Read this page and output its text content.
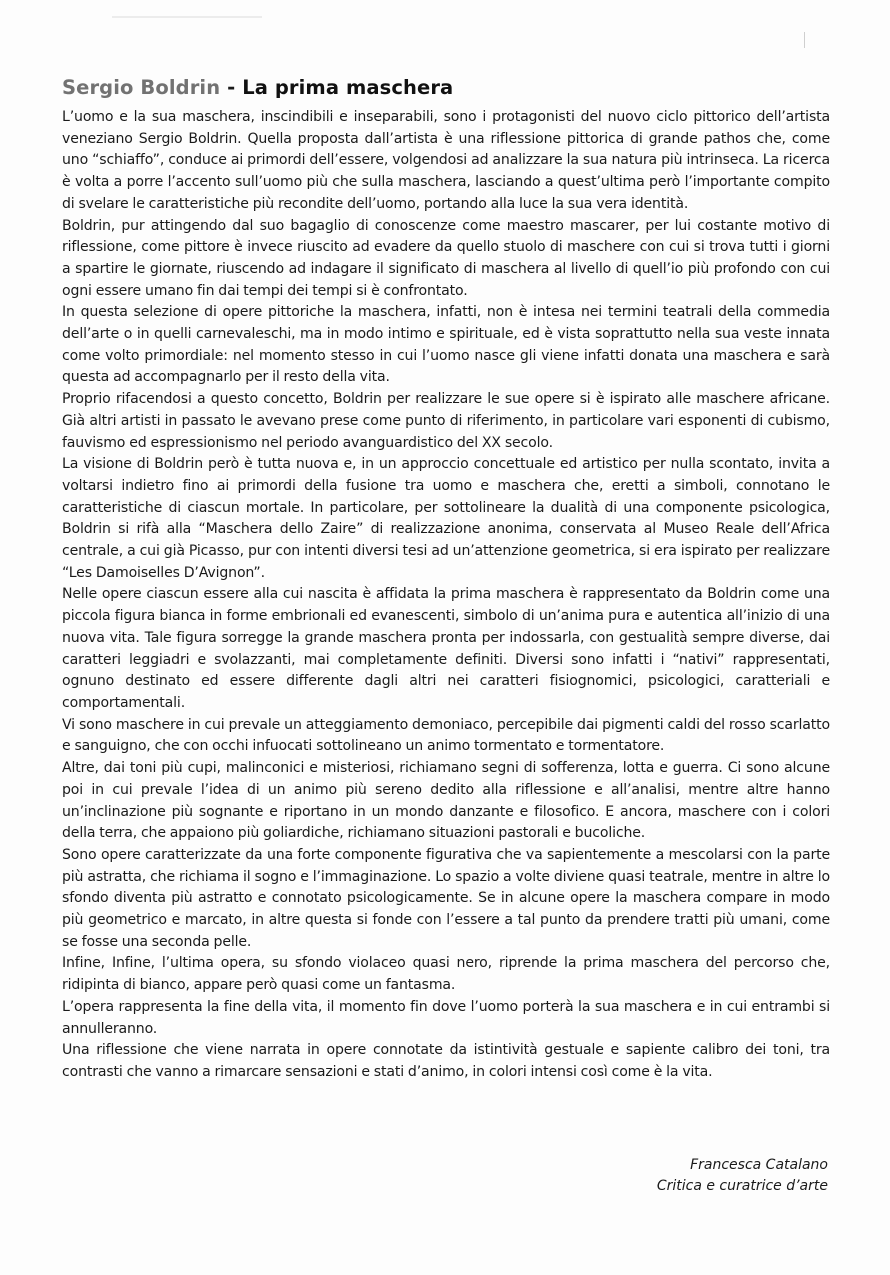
Sergio Boldrin - La prima maschera

L’uomo e la sua maschera, inscindibili e inseparabili, sono i protagonisti del nuovo ciclo pittorico dell’artista veneziano Sergio Boldrin. Quella proposta dall’artista è una riflessione pittorica di grande pathos che, come uno “schiaffo”, conduce ai primordi dell’essere, volgendosi ad analizzare la sua natura più intrinseca. La ricerca è volta a porre l’accento sull’uomo più che sulla maschera, lasciando a quest’ultima però l’importante compito di svelare le caratteristiche più recondite dell’uomo, portando alla luce la sua vera identità.

Boldrin, pur attingendo dal suo bagaglio di conoscenze come maestro mascarer, per lui costante motivo di riflessione, come pittore è invece riuscito ad evadere da quello stuolo di maschere con cui si trova tutti i giorni a spartire le giornate, riuscendo ad indagare il significato di maschera al livello di quell’io più profondo con cui ogni essere umano fin dai tempi dei tempi si è confrontato.

In questa selezione di opere pittoriche la maschera, infatti, non è intesa nei termini teatrali della commedia dell’arte o in quelli carnevaleschi, ma in modo intimo e spirituale, ed è vista soprattutto nella sua veste innata come volto primordiale: nel momento stesso in cui l’uomo nasce gli viene infatti donata una maschera e sarà questa ad accompagnarlo per il resto della vita.

Proprio rifacendosi a questo concetto, Boldrin per realizzare le sue opere si è ispirato alle maschere africane. Già altri artisti in passato le avevano prese come punto di riferimento, in particolare vari esponenti di cubismo, fauvismo ed espressionismo nel periodo avanguardistico del XX secolo.

La visione di Boldrin però è tutta nuova e, in un approccio concettuale ed artistico per nulla scontato, invita a voltarsi indietro fino ai primordi della fusione tra uomo e maschera che, eretti a simboli, connotano le caratteristiche di ciascun mortale. In particolare, per sottolineare la dualità di una componente psicologica, Boldrin si rifà alla “Maschera dello Zaire” di realizzazione anonima, conservata al Museo Reale dell’Africa centrale, a cui già Picasso, pur con intenti diversi tesi ad un’attenzione geometrica, si era ispirato per realizzare “Les Damoiselles D’Avignon”.

Nelle opere ciascun essere alla cui nascita è affidata la prima maschera è rappresentato da Boldrin come una piccola figura bianca in forme embrionali ed evanescenti, simbolo di un’anima pura e autentica all’inizio di una nuova vita. Tale figura sorregge la grande maschera pronta per indossarla, con gestualità sempre diverse, dai caratteri leggiadri e svolazzanti, mai completamente definiti. Diversi sono infatti i “nativi” rappresentati, ognuno destinato ed essere differente dagli altri nei caratteri fisiognomici, psicologici, caratteriali e comportamentali.

Vi sono maschere in cui prevale un atteggiamento demoniaco, percepibile dai pigmenti caldi del rosso scarlatto e sanguigno, che con occhi infuocati sottolineano un animo tormentato e tormentatore.

Altre, dai toni più cupi, malinconici e misteriosi, richiamano segni di sofferenza, lotta e guerra. Ci sono alcune poi in cui prevale l’idea di un animo più sereno dedito alla riflessione e all’analisi, mentre altre hanno un’inclinazione più sognante e riportano in un mondo danzante e filosofico. E ancora, maschere con i colori della terra, che appaiono più goliardiche, richiamano situazioni pastorali e bucoliche.

Sono opere caratterizzate da una forte componente figurativa che va sapientemente a mescolarsi con la parte più astratta, che richiama il sogno e l’immaginazione. Lo spazio a volte diviene quasi teatrale, mentre in altre lo sfondo diventa più astratto e connotato psicologicamente. Se in alcune opere la maschera compare in modo più geometrico e marcato, in altre questa si fonde con l’essere a tal punto da prendere tratti più umani, come se fosse una seconda pelle.

Infine, Infine, l’ultima opera, su sfondo violaceo quasi nero, riprende la prima maschera del percorso che, ridipinta di bianco, appare però quasi come un fantasma.

L’opera rappresenta la fine della vita, il momento fin dove l’uomo porterà la sua maschera e in cui entrambi si annulleranno.

Una riflessione che viene narrata in opere connotate da istintività gestuale e sapiente calibro dei toni, tra contrasti che vanno a rimarcare sensazioni e stati d’animo, in colori intensi così come è la vita.

Francesca Catalano
Critica e curatrice d’arte
